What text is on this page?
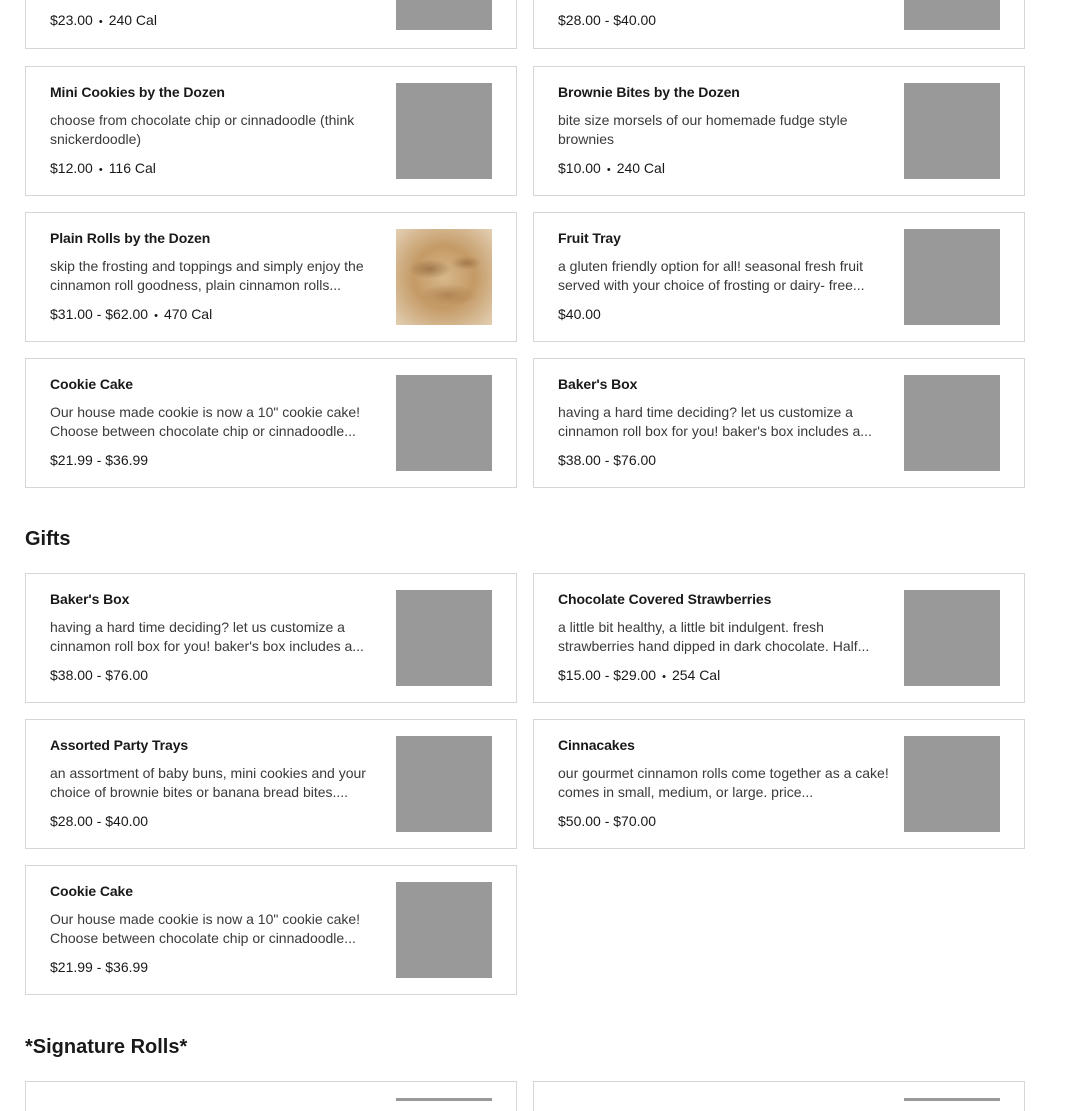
$23.00 • 240 Cal	$28.00 - $40.00
Mini Cookies by the Dozen
choose from chocolate chip or cinnadoodle (think snickerdoodle)
$12.00 • 116 Cal
Brownie Bites by the Dozen
bite size morsels of our homemade fudge style brownies
$10.00 • 240 Cal
Plain Rolls by the Dozen
skip the frosting and toppings and simply enjoy the cinnamon roll goodness, plain cinnamon rolls...
$31.00 - $62.00 • 470 Cal
Fruit Tray
a gluten friendly option for all! seasonal fresh fruit served with your choice of frosting or dairy- free...
$40.00
Cookie Cake
Our house made cookie is now a 10" cookie cake! Choose between chocolate chip or cinnadoodle...
$21.99 - $36.99
Baker's Box
having a hard time deciding? let us customize a cinnamon roll box for you! baker's box includes a...
$38.00 - $76.00
Gifts
Baker's Box
having a hard time deciding? let us customize a cinnamon roll box for you! baker's box includes a...
$38.00 - $76.00
Chocolate Covered Strawberries
a little bit healthy, a little bit indulgent. fresh strawberries hand dipped in dark chocolate. Half...
$15.00 - $29.00 • 254 Cal
Assorted Party Trays
an assortment of baby buns, mini cookies and your choice of brownie bites or banana bread bites....
$28.00 - $40.00
Cinnacakes
our gourmet cinnamon rolls come together as a cake! comes in small, medium, or large. price...
$50.00 - $70.00
Cookie Cake
Our house made cookie is now a 10" cookie cake! Choose between chocolate chip or cinnadoodle...
$21.99 - $36.99
*Signature Rolls*
